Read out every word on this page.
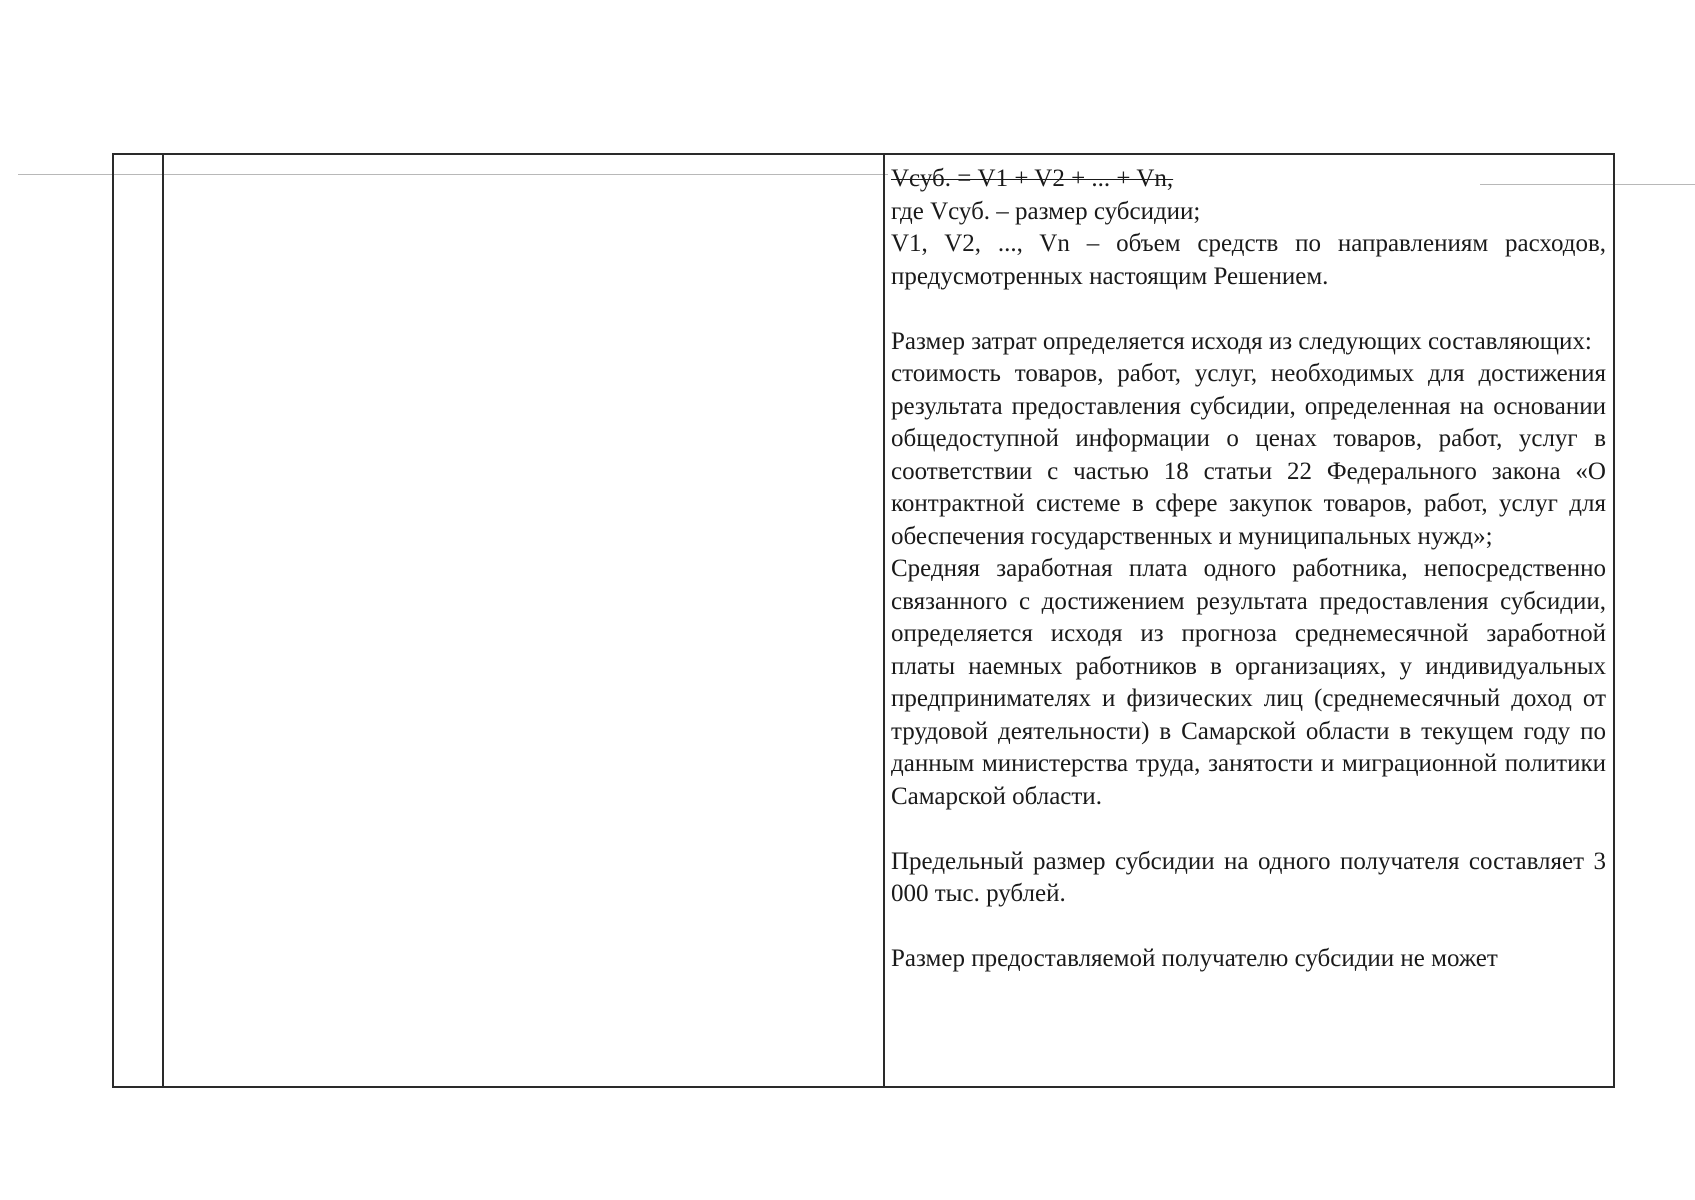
Vсуб. = V1 + V2 + ... + Vn,

где Vсуб. – размер субсидии;

V1, V2, ..., Vn – объем средств по направлениям расходов, предусмотренных настоящим Решением.

Размер затрат определяется исходя из следующих составляющих:

стоимость товаров, работ, услуг, необходимых для достижения результата предоставления субсидии, определенная на основании общедоступной информации о ценах товаров, работ, услуг в соответствии с частью 18 статьи 22 Федерального закона «О контрактной системе в сфере закупок товаров, работ, услуг для обеспечения государственных и муниципальных нужд»;

Средняя заработная плата одного работника, непосредственно связанного с достижением результата предоставления субсидии, определяется исходя из прогноза среднемесячной заработной платы наемных работников в организациях, у индивидуальных предпринимателях и физических лиц (среднемесячный доход от трудовой деятельности) в Самарской области в текущем году по данным министерства труда, занятости и миграционной политики Самарской области.

Предельный размер субсидии на одного получателя составляет 3 000 тыс. рублей.

Размер предоставляемой получателю субсидии не может
